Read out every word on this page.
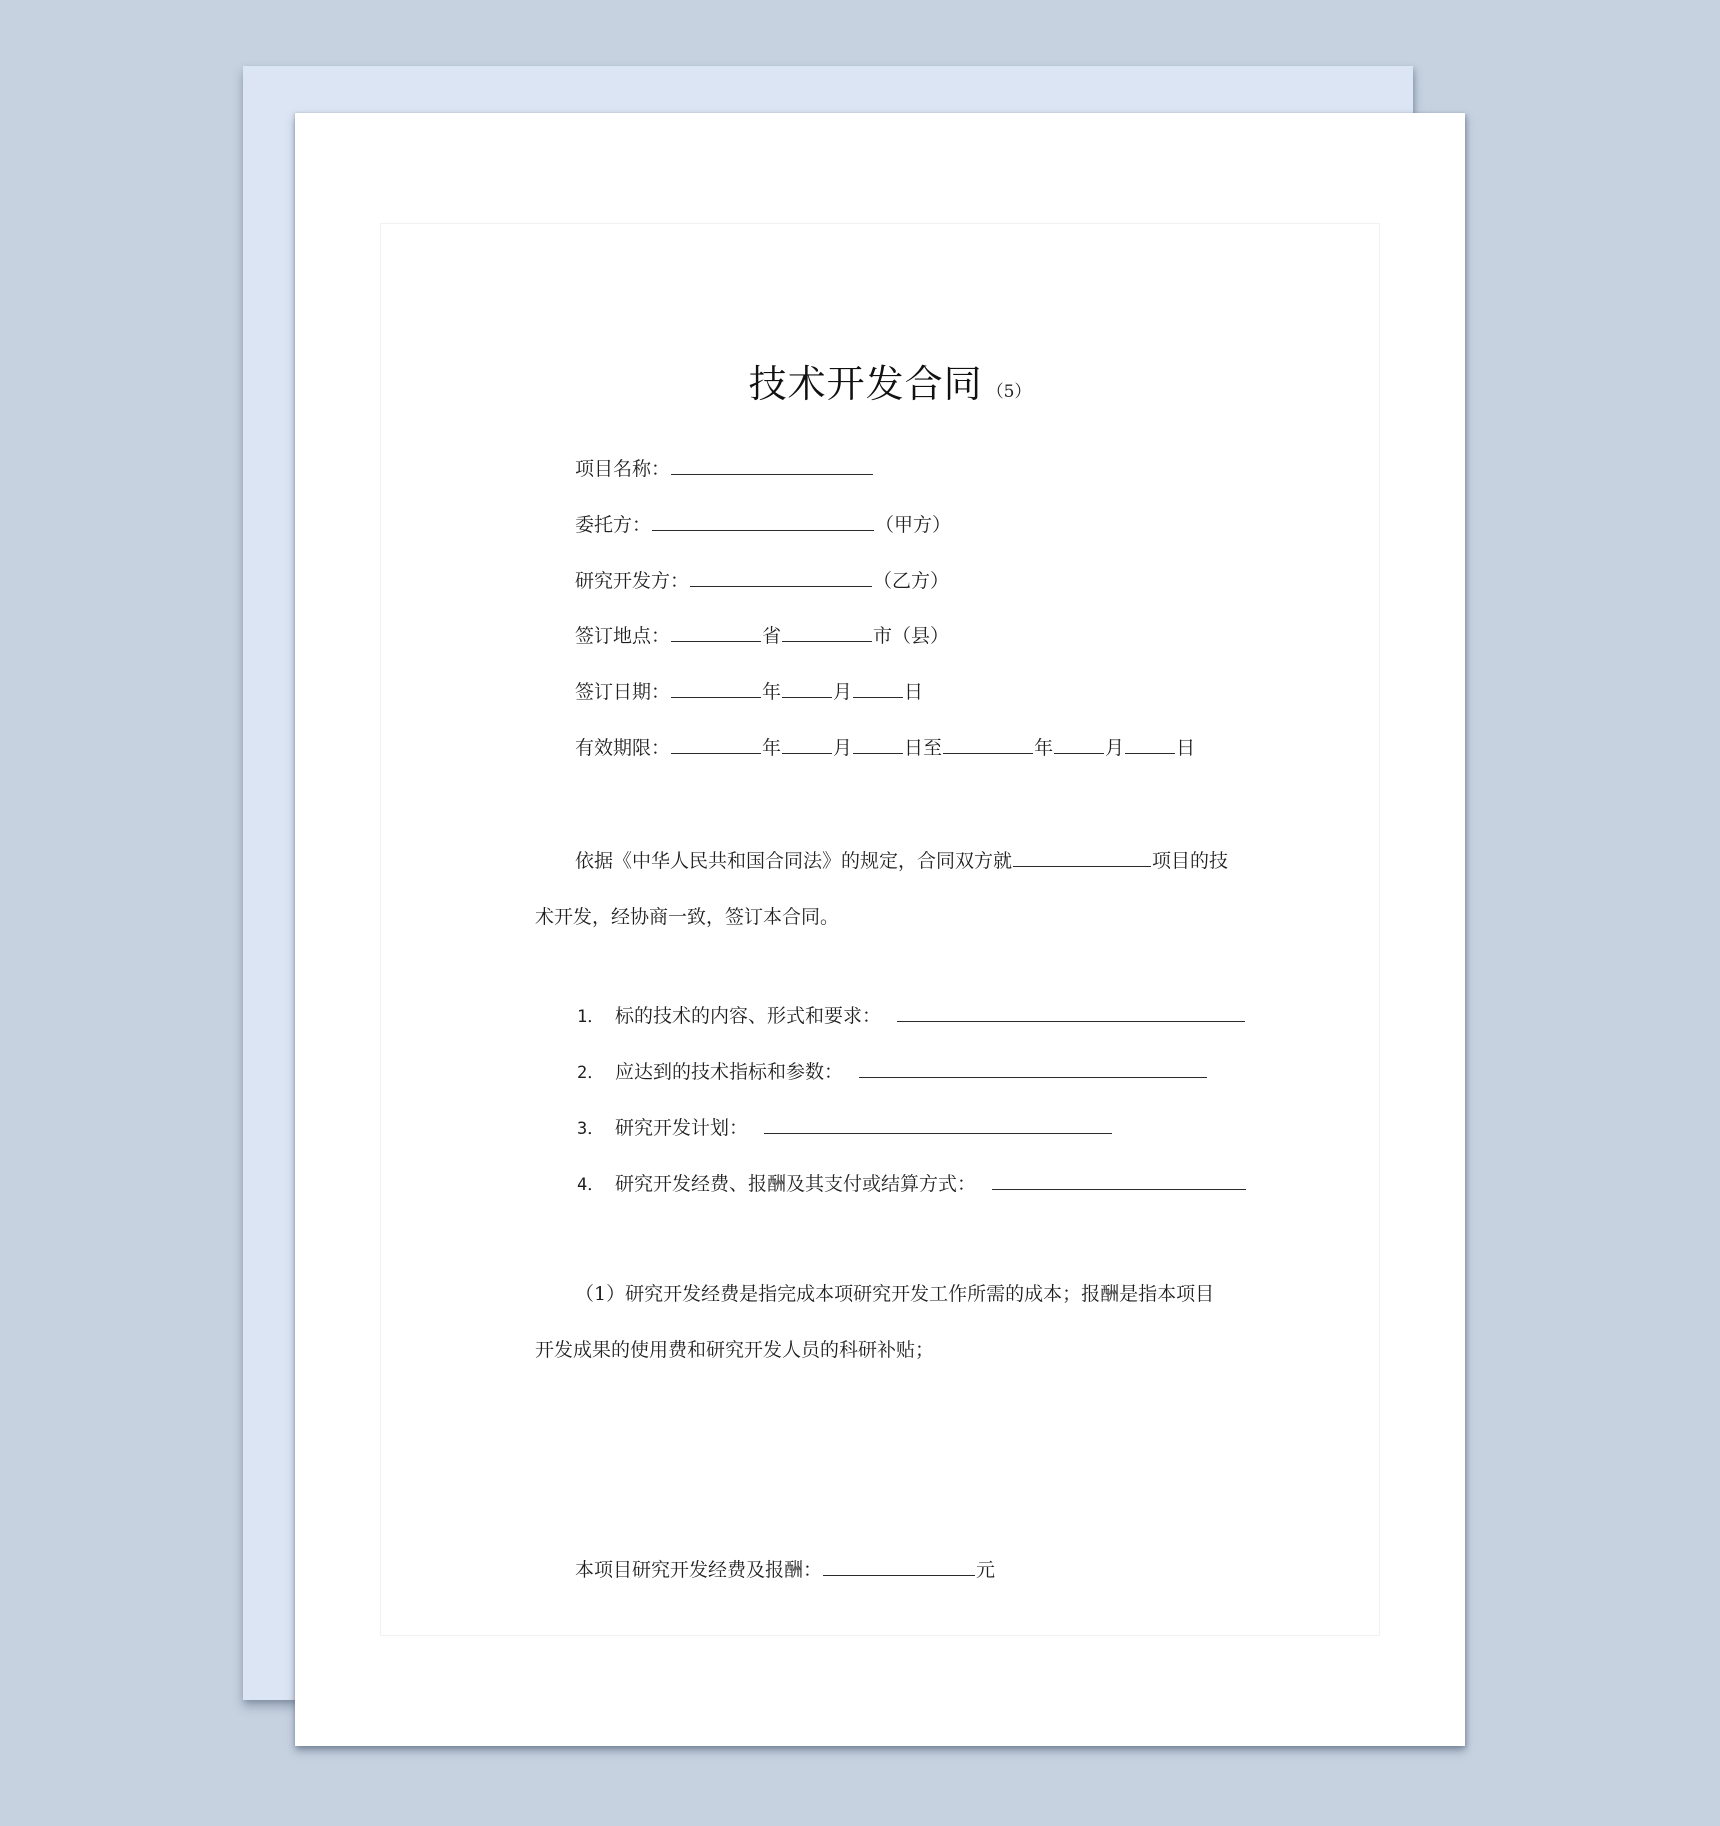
技术开发合同 （5）
项目名称：
委托方：	（甲方）
研究开发方：	（乙方）
签订地点：	省	市（县）
签订日期：	年	月	日
有效期限：	年	月	日至	年	月	日
依据《中华人民共和国合同法》的规定，合同双方就	项目的技
术开发，经协商一致，签订本合同。
1． 标的技术的内容、形式和要求：
2． 应达到的技术指标和参数：
3． 研究开发计划：
4． 研究开发经费、报酬及其支付或结算方式：
（1）研究开发经费是指完成本项研究开发工作所需的成本；报酬是指本项目
开发成果的使用费和研究开发人员的科研补贴；
本项目研究开发经费及报酬：	元
